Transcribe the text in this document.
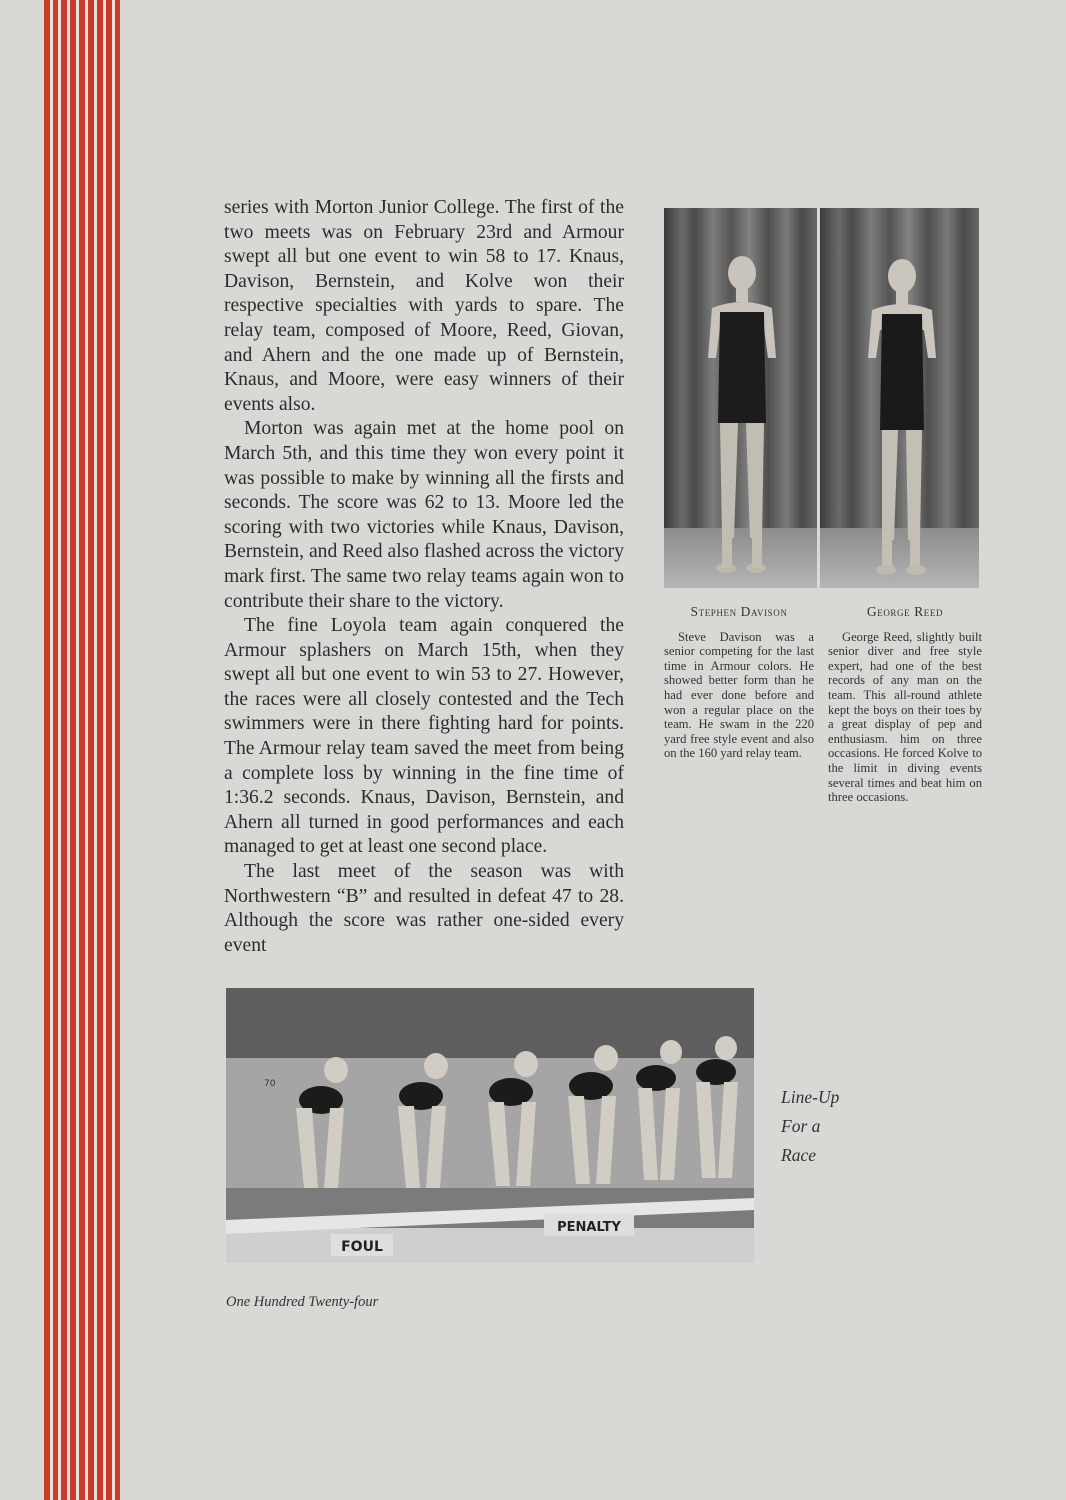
series with Morton Junior College. The first of the two meets was on February 23rd and Armour swept all but one event to win 58 to 17. Knaus, Davison, Bernstein, and Kolve won their respective specialties with yards to spare. The relay team, composed of Moore, Reed, Giovan, and Ahern and the one made up of Bernstein, Knaus, and Moore, were easy winners of their events also.

Morton was again met at the home pool on March 5th, and this time they won every point it was possible to make by winning all the firsts and seconds. The score was 62 to 13. Moore led the scoring with two victories while Knaus, Davison, Bernstein, and Reed also flashed across the victory mark first. The same two relay teams again won to contribute their share to the victory.

The fine Loyola team again conquered the Armour splashers on March 15th, when they swept all but one event to win 53 to 27. However, the races were all closely contested and the Tech swimmers were in there fighting hard for points. The Armour relay team saved the meet from being a complete loss by winning in the fine time of 1:36.2 seconds. Knaus, Davison, Bernstein, and Ahern all turned in good performances and each managed to get at least one second place.

The last meet of the season was with Northwestern “B” and resulted in defeat 47 to 28. Although the score was rather one-sided every event

Stephen Davison
Steve Davison was a senior competing for the last time in Armour colors. He showed better form than he had ever done before and won a regular place on the team. He swam in the 220 yard free style event and also on the 160 yard relay team.
George Reed
George Reed, slightly built senior diver and free style expert, had one of the best records of any man on the team. This all-round athlete kept the boys on their toes by a great display of pep and enthusiasm. him on three occasions. He forced Kolve to the limit in diving events several times and beat him on three occasions.
FOUL
PENALTY
70
Line-Up
For a
Race
One Hundred Twenty-four
